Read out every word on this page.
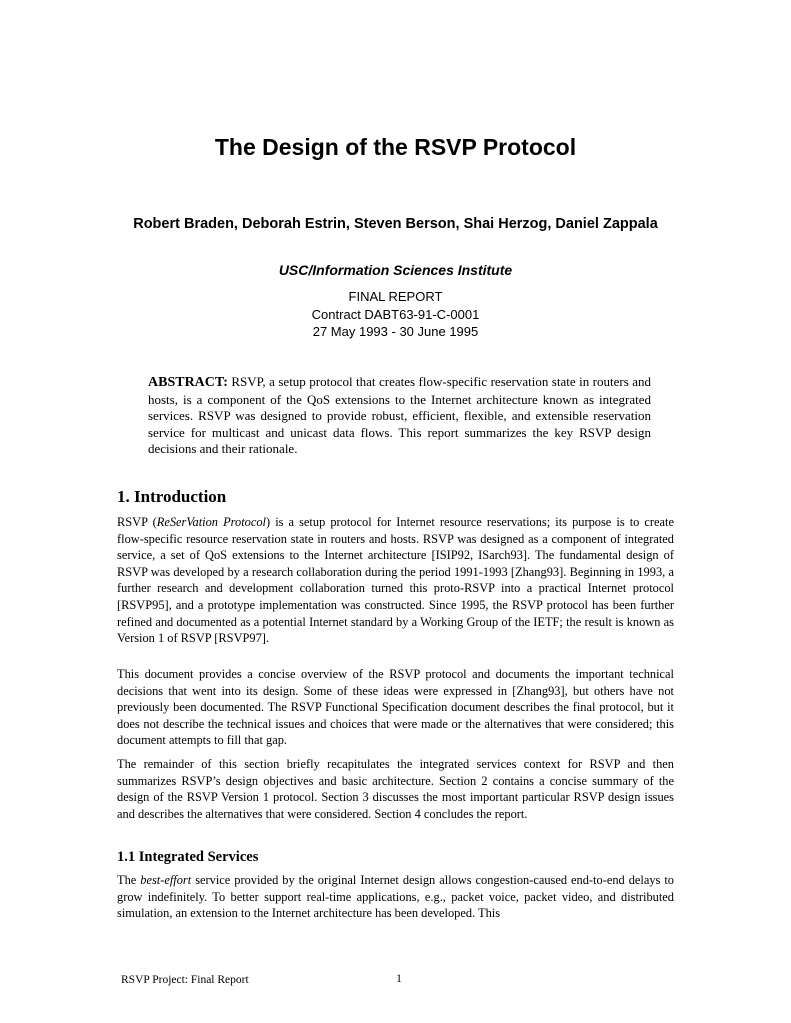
The Design of the RSVP Protocol

Robert Braden, Deborah Estrin, Steven Berson, Shai Herzog, Daniel Zappala

USC/Information Sciences Institute

FINAL REPORT
Contract DABT63-91-C-0001
27 May 1993 - 30 June 1995

ABSTRACT: RSVP, a setup protocol that creates flow-specific reservation state in routers and hosts, is a component of the QoS extensions to the Internet architecture known as integrated services. RSVP was designed to provide robust, efficient, flexible, and extensible reservation service for multicast and unicast data flows. This report summarizes the key RSVP design decisions and their rationale.

1. Introduction

RSVP (ReSerVation Protocol) is a setup protocol for Internet resource reservations; its purpose is to create flow-specific resource reservation state in routers and hosts. RSVP was designed as a component of integrated service, a set of QoS extensions to the Internet architecture [ISIP92, ISarch93]. The fundamental design of RSVP was developed by a research collaboration during the period 1991-1993 [Zhang93]. Beginning in 1993, a further research and development collaboration turned this proto-RSVP into a practical Internet protocol [RSVP95], and a prototype implementation was constructed. Since 1995, the RSVP protocol has been further refined and documented as a potential Internet standard by a Working Group of the IETF; the result is known as Version 1 of RSVP [RSVP97].

This document provides a concise overview of the RSVP protocol and documents the important technical decisions that went into its design. Some of these ideas were expressed in [Zhang93], but others have not previously been documented. The RSVP Functional Specification document describes the final protocol, but it does not describe the technical issues and choices that were made or the alternatives that were considered; this document attempts to fill that gap.

The remainder of this section briefly recapitulates the integrated services context for RSVP and then summarizes RSVP’s design objectives and basic architecture. Section 2 contains a concise summary of the design of the RSVP Version 1 protocol. Section 3 discusses the most important particular RSVP design issues and describes the alternatives that were considered. Section 4 concludes the report.

1.1 Integrated Services

The best-effort service provided by the original Internet design allows congestion-caused end-to-end delays to grow indefinitely. To better support real-time applications, e.g., packet voice, packet video, and distributed simulation, an extension to the Internet architecture has been developed. This

RSVP Project: Final Report	1
